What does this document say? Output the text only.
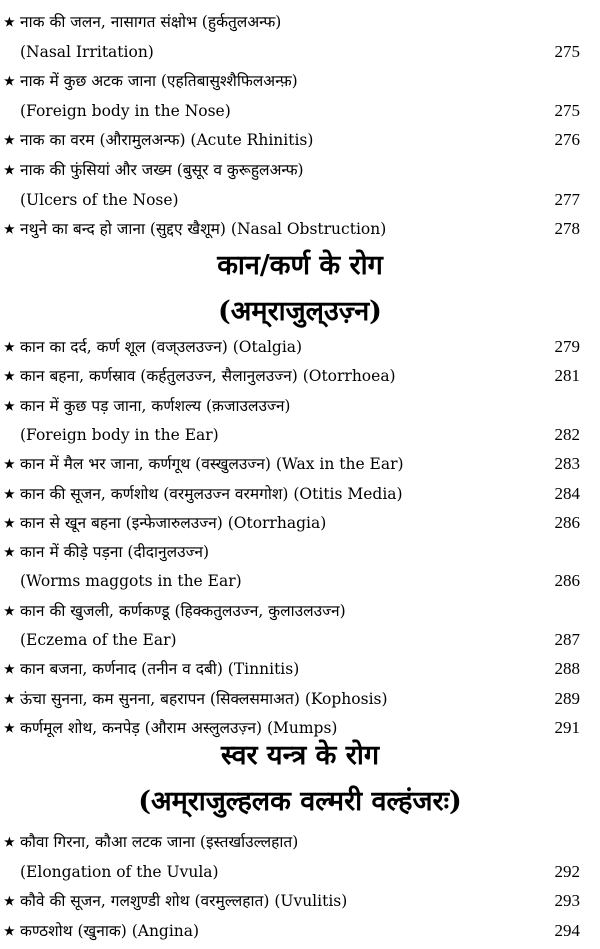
★ नाक की जलन, नासागत संक्षोभ (हुर्कतुलअन्फ)
(Nasal Irritation)	275
★ नाक में कुछ अटक जाना (एहतिबासुश्शैफिलअन्फ़)
(Foreign body in the Nose)	275
★ नाक का वरम (औरामुलअन्फ) (Acute Rhinitis)	276
★ नाक की फुंसियां और जख्म (बुसूर व कुरूहुलअन्फ)
(Ulcers of the Nose)	277
★ नथुने का बन्द हो जाना (सुद्दए खैशूम) (Nasal Obstruction)	278
कान/कर्ण के रोग
(अम्‌राजुल्उज़्न)
★ कान का दर्द, कर्ण शूल (वज्उलउज्न) (Otalgia)	279
★ कान बहना, कर्णस्राव (कर्हतुलउज्न, सैलानुलउज्न) (Otorrhoea)	281
★ कान में कुछ पड़ जाना, कर्णशल्य (क़जाउलउज्न)
(Foreign body in the Ear)	282
★ कान में मैल भर जाना, कर्णगूथ (वस्खुलउज्न) (Wax in the Ear)	283
★ कान की सूजन, कर्णशोथ (वरमुलउज्न वरमगोश) (Otitis Media)	284
★ कान से खून बहना (इन्फेजारुलउज्न) (Otorrhagia)	286
★ कान में कीड़े पड़ना (दीदानुलउज्न)
(Worms maggots in the Ear)	286
★ कान की खुजली, कर्णकण्डू (हिक्कतुलउज्न, कुलाउलउज्न)
(Eczema of the Ear)	287
★ कान बजना, कर्णनाद (तनीन व दबी) (Tinnitis)	288
★ ऊंचा सुनना, कम सुनना, बहरापन (सिक्लसमाअत) (Kophosis)	289
★ कर्णमूल शोथ, कनपेड़ (औराम अस्लुलउज़्न) (Mumps)	291
स्वर यन्त्र के रोग
(अम्‌राजुल्हलक वल्मरी वल्हंजरः)
★ कौवा गिरना, कौआ लटक जाना (इस्तर्खाउल्लहात)
(Elongation of the Uvula)	292
★ कौवे की सूजन, गलशुण्डी शोथ (वरमुल्लहात) (Uvulitis)	293
★ कण्ठशोथ (खुनाक) (Angina)	294
